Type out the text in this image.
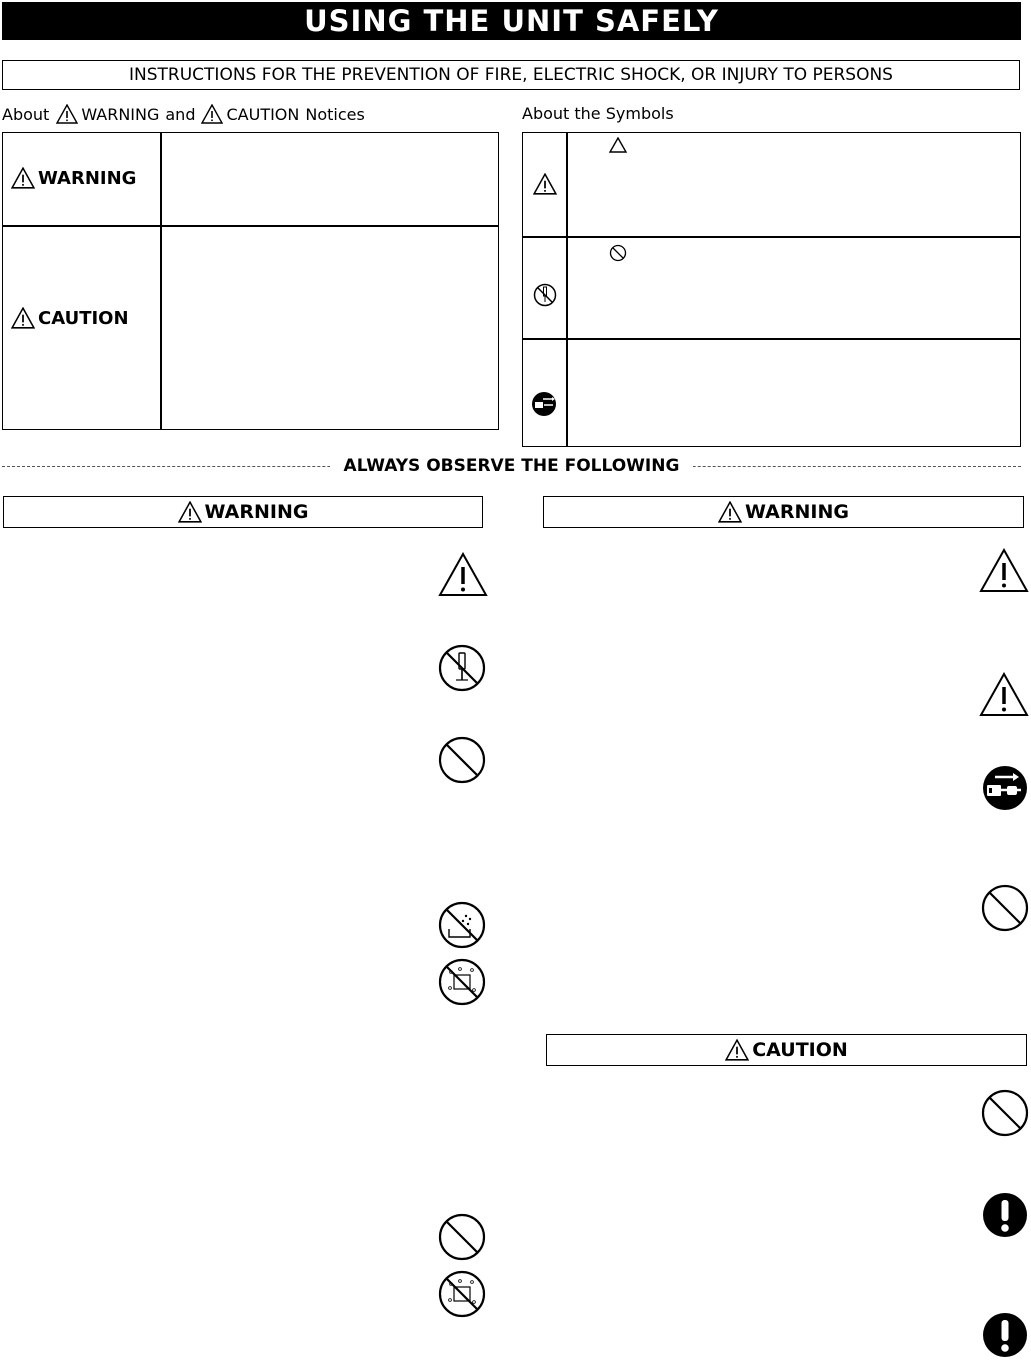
USING THE UNIT SAFELY
INSTRUCTIONS FOR THE PREVENTION OF FIRE, ELECTRIC SHOCK, OR INJURY TO PERSONS
About WARNING and CAUTION Notices	About the Symbols
WARNING
CAUTION
ALWAYS OBSERVE THE FOLLOWING
WARNING	WARNING
CAUTION
